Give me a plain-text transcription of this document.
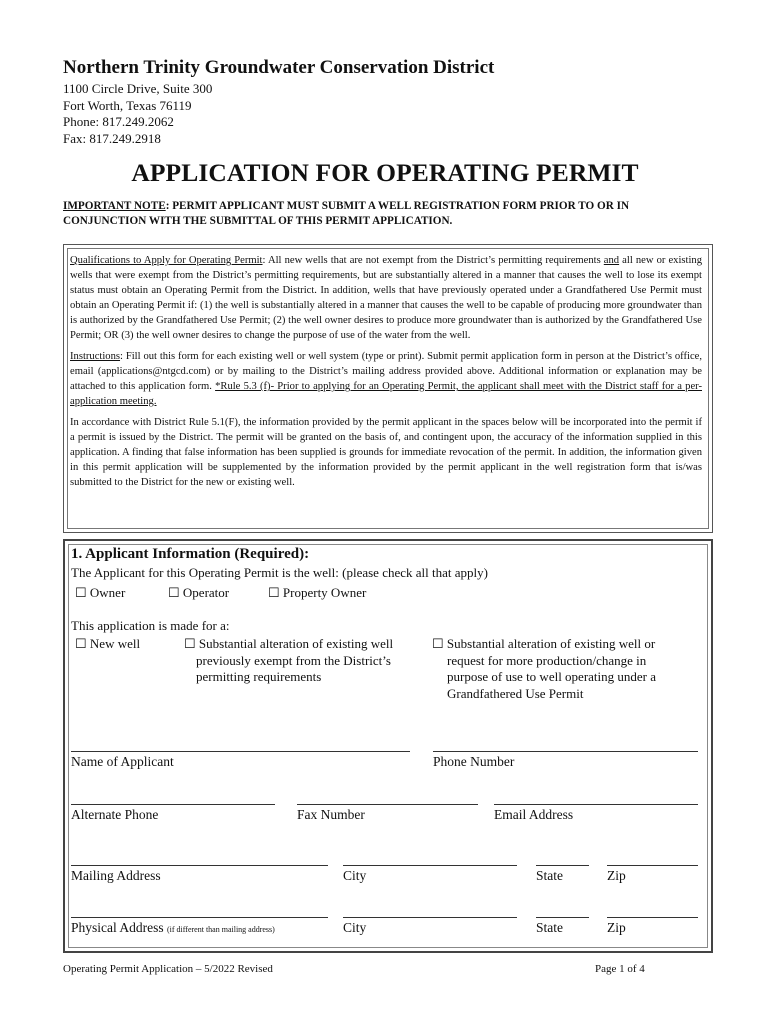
Northern Trinity Groundwater Conservation District
1100 Circle Drive, Suite 300
Fort Worth, Texas 76119
Phone: 817.249.2062
Fax: 817.249.2918
APPLICATION FOR OPERATING PERMIT
IMPORTANT NOTE: PERMIT APPLICANT MUST SUBMIT A WELL REGISTRATION FORM PRIOR TO OR IN CONJUNCTION WITH THE SUBMITTAL OF THIS PERMIT APPLICATION.

Qualifications to Apply for Operating Permit: All new wells that are not exempt from the District’s permitting requirements and all new or existing wells that were exempt from the District’s permitting requirements, but are substantially altered in a manner that causes the well to lose its exempt status must obtain an Operating Permit from the District. In addition, wells that have previously operated under a Grandfathered Use Permit must obtain an Operating Permit if: (1) the well is substantially altered in a manner that causes the well to be capable of producing more groundwater than is authorized by the Grandfathered Use Permit; (2) the well owner desires to produce more groundwater than is authorized by the Grandfathered Use Permit; OR (3) the well owner desires to change the purpose of use of the water from the well.

Instructions: Fill out this form for each existing well or well system (type or print). Submit permit application form in person at the District’s office, email (applications@ntgcd.com) or by mailing to the District’s mailing address provided above. Additional information or explanation may be attached to this application form. *Rule 5.3 (f)- Prior to applying for an Operating Permit, the applicant shall meet with the District staff for a per-application meeting.

In accordance with District Rule 5.1(F), the information provided by the permit applicant in the spaces below will be incorporated into the permit if a permit is issued by the District. The permit will be granted on the basis of, and contingent upon, the accuracy of the information supplied in this application. A finding that false information has been supplied is grounds for immediate revocation of the permit. In addition, the information given in this permit application will be supplemented by the information provided by the permit applicant in the well registration form that is/was submitted to the District for the new or existing well.

1. Applicant Information (Required):
The Applicant for this Operating Permit is the well: (please check all that apply)
☐ Owner	☐ Operator	☐ Property Owner
This application is made for a:
☐ New well	☐ Substantial alteration of existing well
previously exempt from the District’s
permitting requirements
☐ Substantial alteration of existing well or
request for more production/change in
purpose of use to well operating under a
Grandfathered Use Permit
Name of Applicant	Phone Number
Alternate Phone	Fax Number	Email Address
Mailing Address	City	State	Zip
Physical Address (if different than mailing address)	City	State	Zip
Operating Permit Application – 5/2022 Revised	Page 1 of 4
